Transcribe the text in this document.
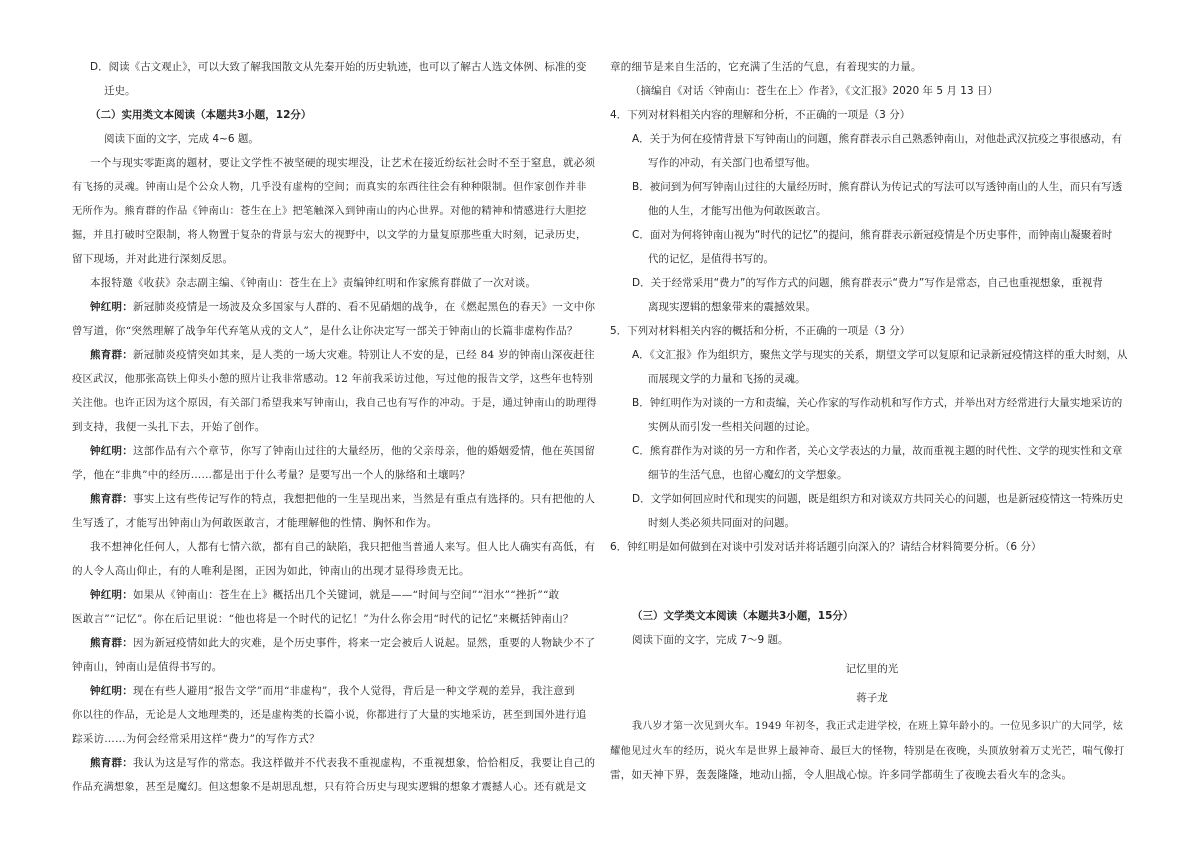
D．阅读《古文观止》，可以大致了解我国散文从先秦开始的历史轨迹，也可以了解古人选文体例、标准的变
迁史。
（二）实用类文本阅读（本题共3小题，12分）
阅读下面的文字，完成 4~6 题。
一个与现实零距离的题材，要让文学性不被坚硬的现实埋没，让艺术在接近纷纭社会时不至于窒息，就必须
有飞扬的灵魂。钟南山是个公众人物，几乎没有虚构的空间；而真实的东西往往会有种种限制。但作家创作并非
无所作为。熊育群的作品《钟南山：苍生在上》把笔触深入到钟南山的内心世界。对他的精神和情感进行大胆挖
掘，并且打破时空限制，将人物置于复杂的背景与宏大的视野中，以文学的力量复原那些重大时刻，记录历史，
留下现场，并对此进行深刻反思。
本报特邀《收获》杂志副主编、《钟南山：苍生在上》责编钟红明和作家熊育群做了一次对谈。
钟红明：新冠肺炎疫情是一场波及众多国家与人群的、看不见硝烟的战争，在《燃起黑色的春天》一文中你
曾写道，你“突然理解了战争年代弃笔从戎的文人”，是什么让你决定写一部关于钟南山的长篇非虚构作品？
熊育群：新冠肺炎疫情突如其来，是人类的一场大灾难。特别让人不安的是，已经 84 岁的钟南山深夜赶往
疫区武汉，他那张高铁上仰头小憩的照片让我非常感动。12 年前我采访过他，写过他的报告文学，这些年也特别
关注他。也许正因为这个原因，有关部门希望我来写钟南山，我自己也有写作的冲动。于是，通过钟南山的助理得
到支持，我便一头扎下去，开始了创作。
钟红明：这部作品有六个章节，你写了钟南山过往的大量经历，他的父亲母亲，他的婚姻爱情，他在英国留
学，他在“非典”中的经历……都是出于什么考量？是要写出一个人的脉络和土壤吗？
熊育群：事实上这有些传记写作的特点，我想把他的一生呈现出来，当然是有重点有选择的。只有把他的人
生写透了，才能写出钟南山为何敢医敢言，才能理解他的性情、胸怀和作为。
我不想神化任何人，人都有七情六欲，都有自己的缺陷，我只把他当普通人来写。但人比人确实有高低，有
的人令人高山仰止，有的人唯利是图，正因为如此，钟南山的出现才显得珍贵无比。
钟红明：如果从《钟南山：苍生在上》概括出几个关键词，就是——“时间与空间”“泪水”“挫折”“敢
医敢言”“记忆”。你在后记里说：“他也将是一个时代的记忆！”为什么你会用“时代的记忆”来概括钟南山？
熊育群：因为新冠疫情如此大的灾难，是个历史事件，将来一定会被后人说起。显然，重要的人物缺少不了
钟南山，钟南山是值得书写的。
钟红明：现在有些人避用“报告文学”而用“非虚构”，我个人觉得，背后是一种文学观的差异，我注意到
你以往的作品，无论是人文地理类的，还是虚构类的长篇小说，你都进行了大量的实地采访，甚至到国外进行追
踪采访……为何会经常采用这样“费力”的写作方式？
熊育群：我认为这是写作的常态。我这样做并不代表我不重视虚构，不重视想象，恰恰相反，我要让自己的
作品充满想象，甚至是魔幻。但这想象不是胡思乱想，只有符合历史与现实逻辑的想象才震撼人心。还有就是文
章的细节是来自生活的，它充满了生活的气息，有着现实的力量。
（摘编自《对话〈钟南山：苍生在上〉作者》，《文汇报》2020 年 5 月 13 日）
4．下列对材料相关内容的理解和分析，不正确的一项是（3 分）
A．关于为何在疫情背景下写钟南山的问题，熊育群表示自己熟悉钟南山，对他赴武汉抗疫之事很感动，有
写作的冲动，有关部门也希望写他。
B．被问到为何写钟南山过往的大量经历时，熊育群认为传记式的写法可以写透钟南山的人生，而只有写透
他的人生，才能写出他为何敢医敢言。
C．面对为何将钟南山视为“时代的记忆”的提问，熊育群表示新冠疫情是个历史事件，而钟南山凝聚着时
代的记忆，是值得书写的。
D．关于经常采用“费力”的写作方式的问题，熊育群表示“费力”写作是常态，自己也重视想象，重视背
离现实逻辑的想象带来的震撼效果。
5．下列对材料相关内容的概括和分析，不正确的一项是（3 分）
A．《文汇报》作为组织方，聚焦文学与现实的关系，期望文学可以复原和记录新冠疫情这样的重大时刻，从
而展现文学的力量和飞扬的灵魂。
B．钟红明作为对谈的一方和责编，关心作家的写作动机和写作方式，并举出对方经常进行大量实地采访的
实例从而引发一些相关问题的过论。
C．熊育群作为对谈的另一方和作者，关心文学表达的力量，故而重视主题的时代性、文学的现实性和文章
细节的生活气息，也留心魔幻的文学想象。
D．文学如何回应时代和现实的问题，既是组织方和对谈双方共同关心的问题，也是新冠疫情这一特殊历史
时刻人类必须共同面对的问题。
6．钟红明是如何做到在对谈中引发对话并将话题引向深入的？请结合材料简要分析。（6 分）
（三）文学类文本阅读（本题共3小题，15分）
阅读下面的文字，完成 7～9 题。
记忆里的光
蒋子龙
我八岁才第一次见到火车。1949 年初冬，我正式走进学校，在班上算年龄小的。一位见多识广的大同学，炫
耀他见过火车的经历，说火车是世界上最神奇、最巨大的怪物，特别是在夜晚，头顶放射着万丈光芒，喘气像打
雷，如天神下界，轰轰隆隆，地动山摇，令人胆战心惊。许多同学都萌生了夜晚去看火车的念头。
